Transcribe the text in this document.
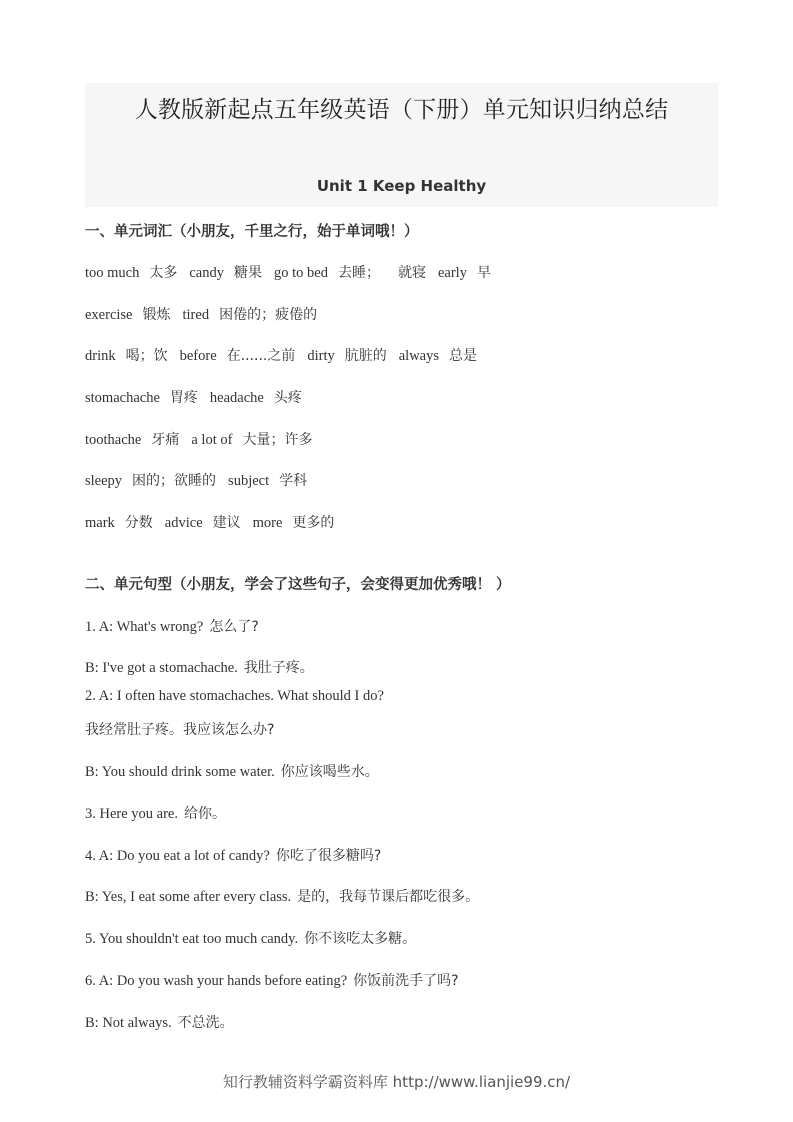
人教版新起点五年级英语（下册）单元知识归纳总结
Unit 1 Keep Healthy
一、单元词汇（小朋友，千里之行，始于单词哦！）
too much 太多 candy 糖果 go to bed 去睡； 就寝 early 早
exercise 锻炼 tired 困倦的；疲倦的
drink 喝；饮 before 在......之前 dirty 肮脏的 always 总是
stomachache 胃疼 headache 头疼
toothache 牙痛 a lot of 大量；许多
sleepy 困的；欲睡的 subject 学科
mark 分数 advice 建议 more 更多的
二、单元句型（小朋友，学会了这些句子，会变得更加优秀哦！ ）
1. A: What's wrong? 怎么了?
B: I've got a stomachache. 我肚子疼。
2. A: I often have stomachaches. What should I do?
我经常肚子疼。我应该怎么办?
B: You should drink some water. 你应该喝些水。
3. Here you are. 给你。
4. A: Do you eat a lot of candy? 你吃了很多糖吗?
B: Yes, I eat some after every class. 是的，我每节课后都吃很多。
5. You shouldn't eat too much candy. 你不该吃太多糖。
6. A: Do you wash your hands before eating? 你饭前洗手了吗?
B: Not always. 不总洗。
知行教辅资料学霸资料库 http://www.lianjie99.cn/
